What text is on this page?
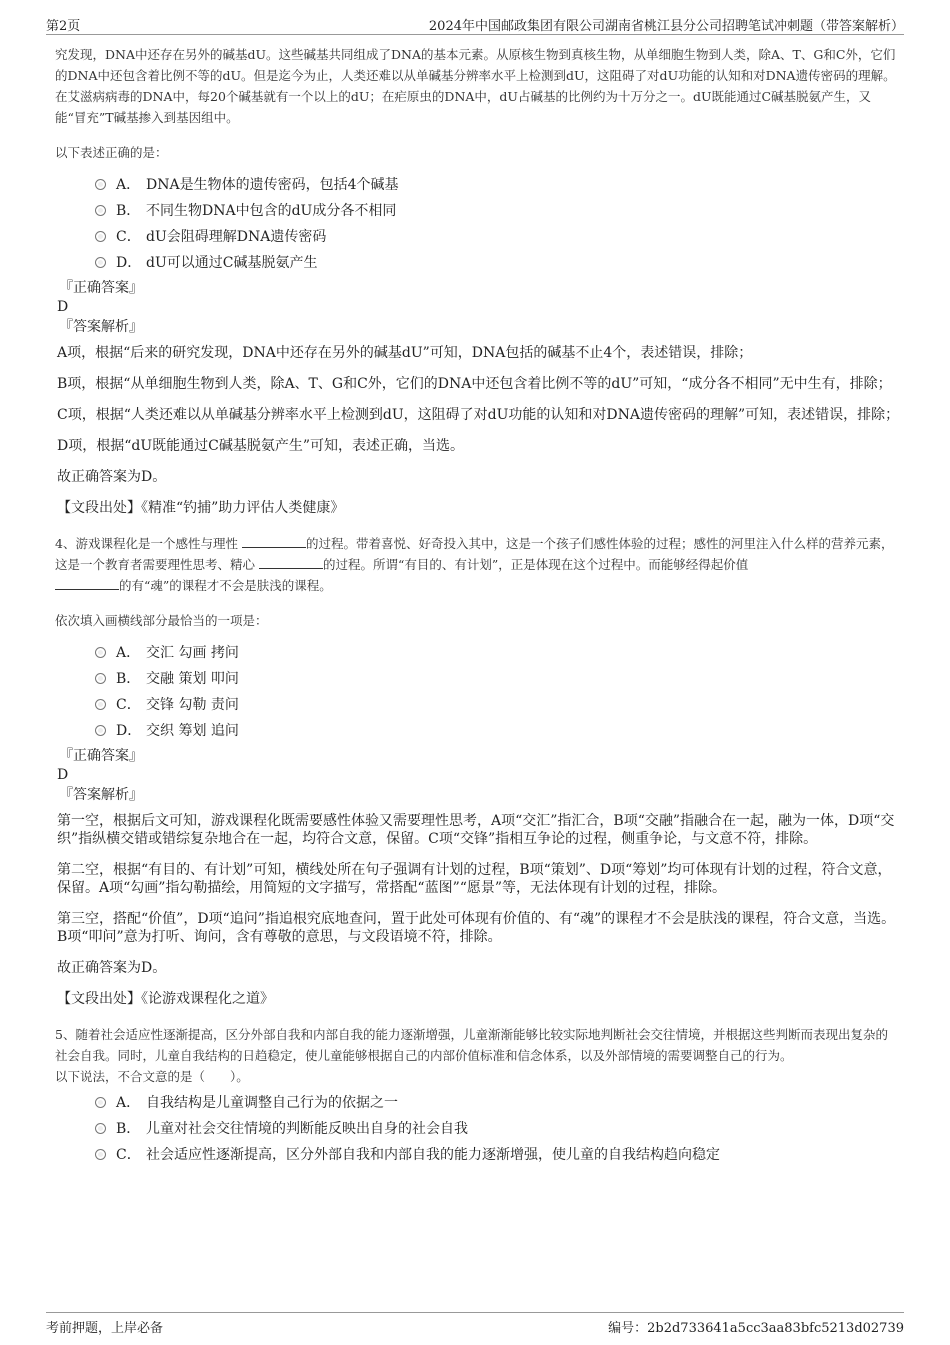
第2页	2024年中国邮政集团有限公司湖南省桃江县分公司招聘笔试冲刺题（带答案解析）

究发现，DNA中还存在另外的碱基dU。这些碱基共同组成了DNA的基本元素。从原核生物到真核生物，从单细胞生物到人类，除A、T、G和C外，它们的DNA中还包含着比例不等的dU。但是迄今为止，人类还难以从单碱基分辨率水平上检测到dU，这阻碍了对dU功能的认知和对DNA遗传密码的理解。在艾滋病病毒的DNA中，每20个碱基就有一个以上的dU；在疟原虫的DNA中，dU占碱基的比例约为十万分之一。dU既能通过C碱基脱氨产生，又能“冒充”T碱基掺入到基因组中。

以下表述正确的是：

A． DNA是生物体的遗传密码，包括4个碱基
B． 不同生物DNA中包含的dU成分各不相同
C． dU会阻碍理解DNA遗传密码
D． dU可以通过C碱基脱氨产生

『正确答案』

D

『答案解析』

A项，根据“后来的研究发现，DNA中还存在另外的碱基dU”可知，DNA包括的碱基不止4个，表述错误，排除；

B项，根据“从单细胞生物到人类，除A、T、G和C外，它们的DNA中还包含着比例不等的dU”可知，“成分各不相同”无中生有，排除；

C项，根据“人类还难以从单碱基分辨率水平上检测到dU，这阻碍了对dU功能的认知和对DNA遗传密码的理解”可知，表述错误，排除；

D项，根据“dU既能通过C碱基脱氨产生”可知，表述正确，当选。

故正确答案为D。

【文段出处】《精准“钓捕”助力评估人类健康》

4、游戏课程化是一个感性与理性	的过程。带着喜悦、好奇投入其中，这是一个孩子们感性体验的过程；感性的河里注入什么样的营养元素，这是一个教育者需要理性思考、精心	的过程。所谓“有目的、有计划”，正是体现在这个过程中。而能够经得起价值
的有“魂”的课程才不会是肤浅的课程。

依次填入画横线部分最恰当的一项是：

A． 交汇 勾画 拷问
B． 交融 策划 叩问
C． 交锋 勾勒 责问
D． 交织 筹划 追问

『正确答案』

D

『答案解析』

第一空，根据后文可知，游戏课程化既需要感性体验又需要理性思考，A项“交汇”指汇合，B项“交融”指融合在一起，融为一体，D项“交织”指纵横交错或错综复杂地合在一起，均符合文意，保留。C项“交锋”指相互争论的过程，侧重争论，与文意不符，排除。

第二空，根据“有目的、有计划”可知，横线处所在句子强调有计划的过程，B项“策划”、D项“筹划”均可体现有计划的过程，符合文意，保留。A项“勾画”指勾勒描绘，用简短的文字描写，常搭配“蓝图”“愿景”等，无法体现有计划的过程，排除。

第三空，搭配“价值”，D项“追问”指追根究底地查问，置于此处可体现有价值的、有“魂”的课程才不会是肤浅的课程，符合文意，当选。B项“叩问”意为打听、询问，含有尊敬的意思，与文段语境不符，排除。

故正确答案为D。

【文段出处】《论游戏课程化之道》

5、随着社会适应性逐渐提高，区分外部自我和内部自我的能力逐渐增强，儿童渐渐能够比较实际地判断社会交往情境，并根据这些判断而表现出复杂的社会自我。同时，儿童自我结构的日趋稳定，使儿童能够根据自己的内部价值标准和信念体系，以及外部情境的需要调整自己的行为。

以下说法，不合文意的是（　　）。

A． 自我结构是儿童调整自己行为的依据之一
B． 儿童对社会交往情境的判断能反映出自身的社会自我
C． 社会适应性逐渐提高，区分外部自我和内部自我的能力逐渐增强，使儿童的自我结构趋向稳定
考前押题，上岸必备	编号：2b2d733641a5cc3aa83bfc5213d02739
